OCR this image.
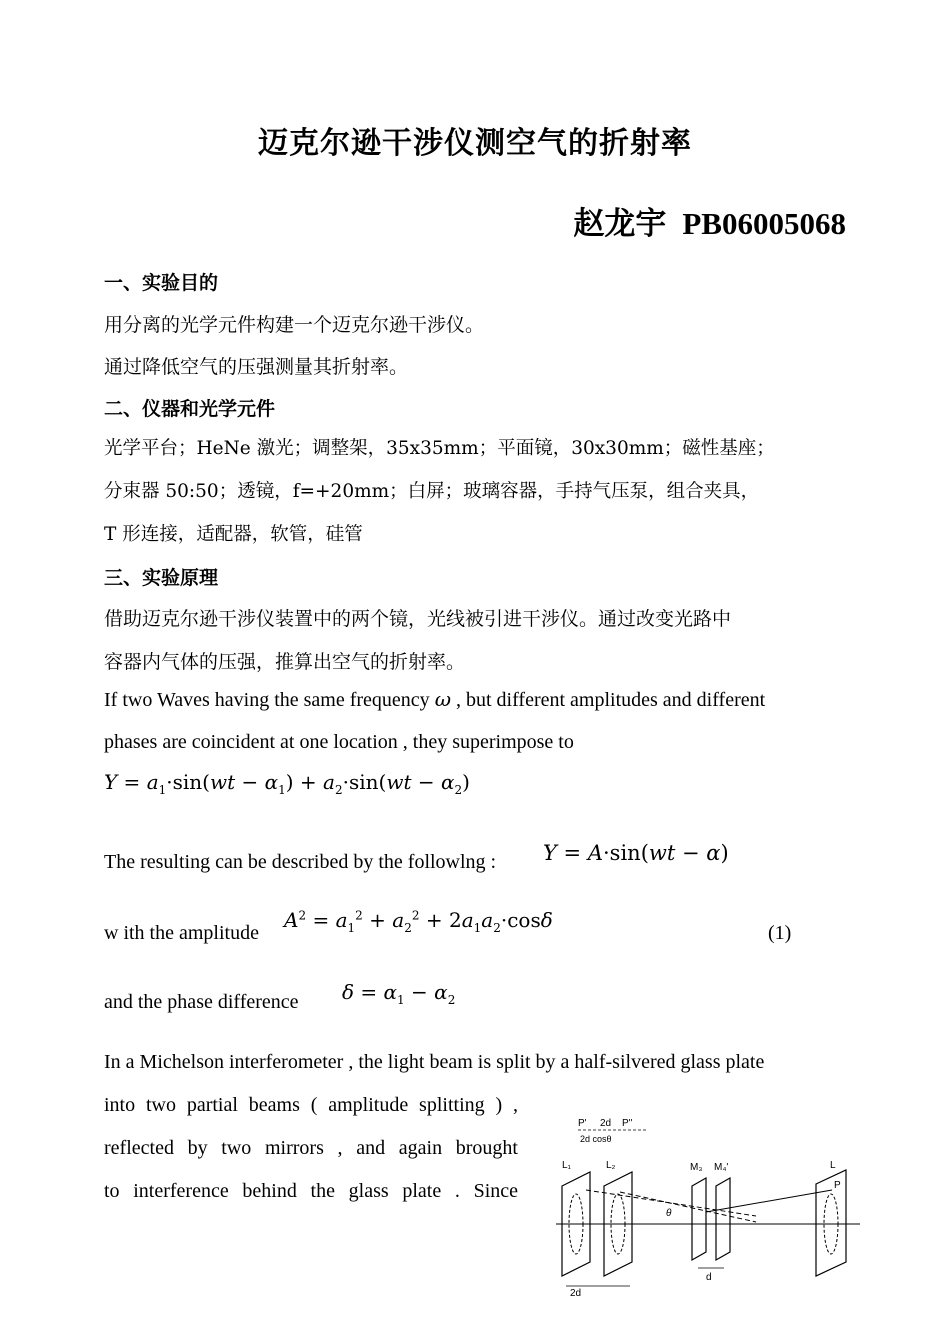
迈克尔逊干涉仪测空气的折射率
赵龙宇 PB06005068
一、实验目的
用分离的光学元件构建一个迈克尔逊干涉仪。
通过降低空气的压强测量其折射率。
二、仪器和光学元件
光学平台；HeNe 激光；调整架，35x35mm；平面镜，30x30mm；磁性基座；
分束器 50:50；透镜，f=+20mm；白屏；玻璃容器，手持气压泵，组合夹具，
T 形连接，适配器，软管，硅管
三、实验原理
借助迈克尔逊干涉仪装置中的两个镜，光线被引进干涉仪。通过改变光路中
容器内气体的压强，推算出空气的折射率。
If two Waves having the same frequency ω , but different amplitudes and different
phases are coincident at one location , they superimpose to
$Y = a_1\cdot\sin(wt - \alpha_1) + a_2\cdot\sin(wt - \alpha_2)$
The resulting can be described by the followlng : Y = A·sin(wt − α)
w ith the amplitude
$A^2 = a_1^2 + a_2^2 + 2a_1a_2\cdot\cos\delta$
(1)
and the phase difference $\delta = \alpha_1 - \alpha_2$
In a Michelson interferometer , the light beam is split by a half-silvered glass plate
into two partial beams ( amplitude splitting ) ,
reflected by two mirrors , and again brought
to interference behind the glass plate . Since
P' 2d P''
2d cosθ
L₁	L₂	M₃ M₄'	L
P
θ
d
2d
